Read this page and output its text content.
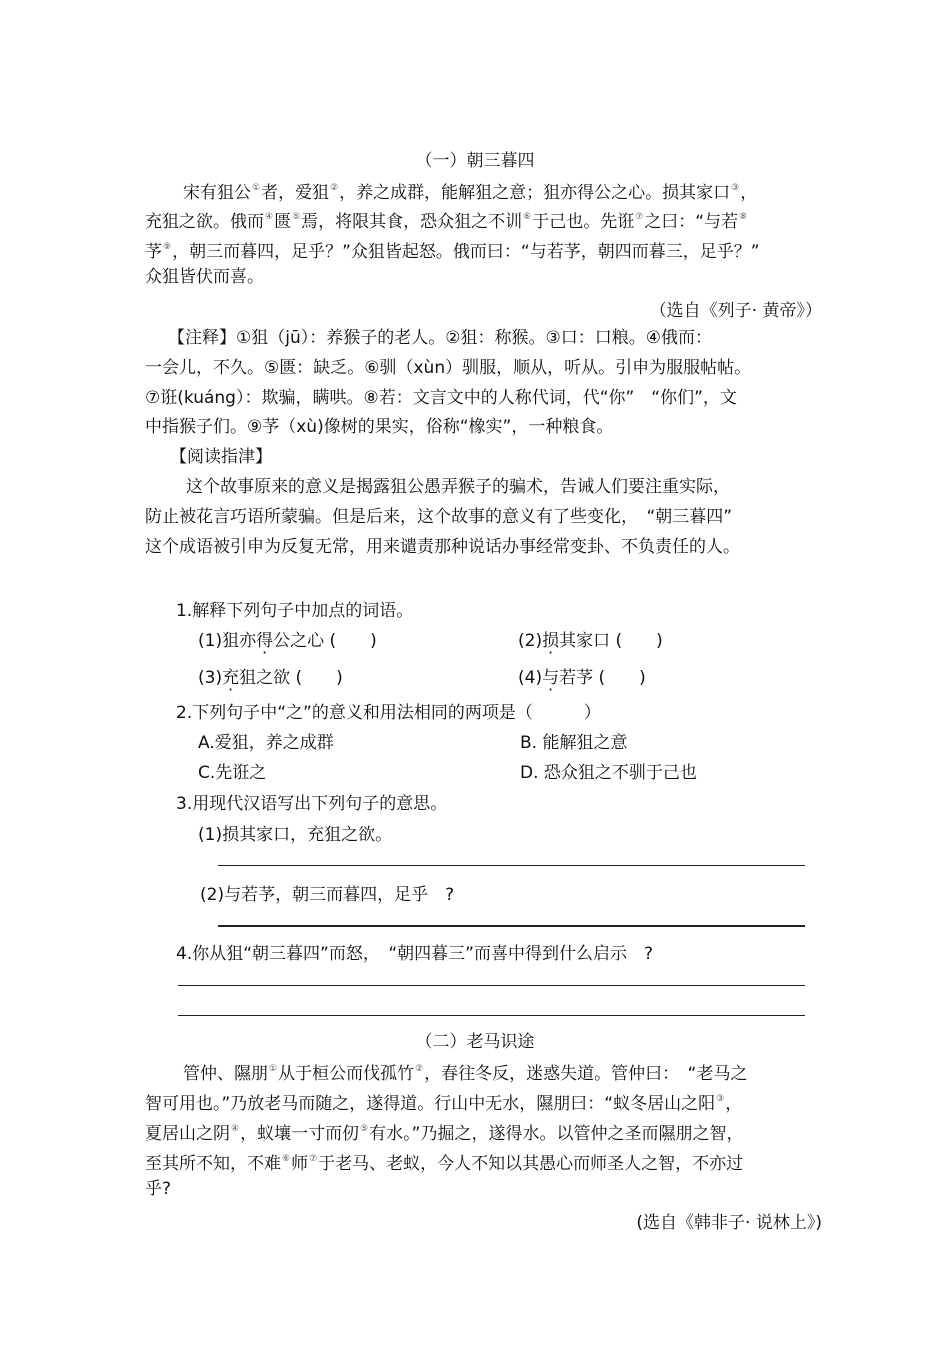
（一）朝三暮四
宋有狙公①者，爱狙②，养之成群，能解狙之意；狙亦得公之心。损其家口③，
充狙之欲。俄而④匮⑤焉，将限其食，恐众狙之不训⑥于己也。先诳⑦之曰：“与若⑧
芧⑨，朝三而暮四，足乎？”众狙皆起怒。俄而曰：“与若芧，朝四而暮三，足乎？”
众狙皆伏而喜。
（选自《列子· 黄帝》）
【注释】①狙（jū）：养猴子的老人。②狙：称猴。③口：口粮。④俄而：
一会儿，不久。⑤匮：缺乏。⑥驯（xùn）驯服，顺从，听从。引申为服服帖帖。
⑦诳(kuáng）：欺骗，瞒哄。⑧若：文言文中的人称代词，代“你”　“你们”，文
中指猴子们。⑨芧（xù)像树的果实，俗称“橡实”，一种粮食。
【阅读指津】
这个故事原来的意义是揭露狙公愚弄猴子的骗术，告诫人们要注重实际，
防止被花言巧语所蒙骗。但是后来，这个故事的意义有了些变化，　“朝三暮四”
这个成语被引申为反复无常，用来谴责那种说话办事经常变卦、不负责任的人。
1.解释下列句子中加点的词语。
(1)狙亦得公之心 (　　)	(2)损其家口 (　　)
(3)充狙之欲 (　　)	(4)与若芧 (　　)
2.下列句子中“之”的意义和用法相同的两项是（　　　）
A.爱狙，养之成群	B. 能解狙之意
C.先诳之	D. 恐众狙之不驯于己也
3.用现代汉语写出下列句子的意思。
(1)损其家口，充狙之欲。
(2)与若芧，朝三而暮四，足乎　?
4.你从狙“朝三暮四”而怒，　“朝四暮三”而喜中得到什么启示　?
（二）老马识途
管仲、隰朋①从于桓公而伐孤竹②，春往冬反，迷惑失道。管仲曰：　“老马之
智可用也。”乃放老马而随之，遂得道。行山中无水，隰朋曰：“蚁冬居山之阳③，
夏居山之阴④，蚁壤一寸而仞⑤有水。”乃掘之，遂得水。以管仲之圣而隰朋之智，
至其所不知，不难⑥师⑦于老马、老蚁，今人不知以其愚心而师圣人之智，不亦过
乎?
(选自《韩非子· 说林上》)
